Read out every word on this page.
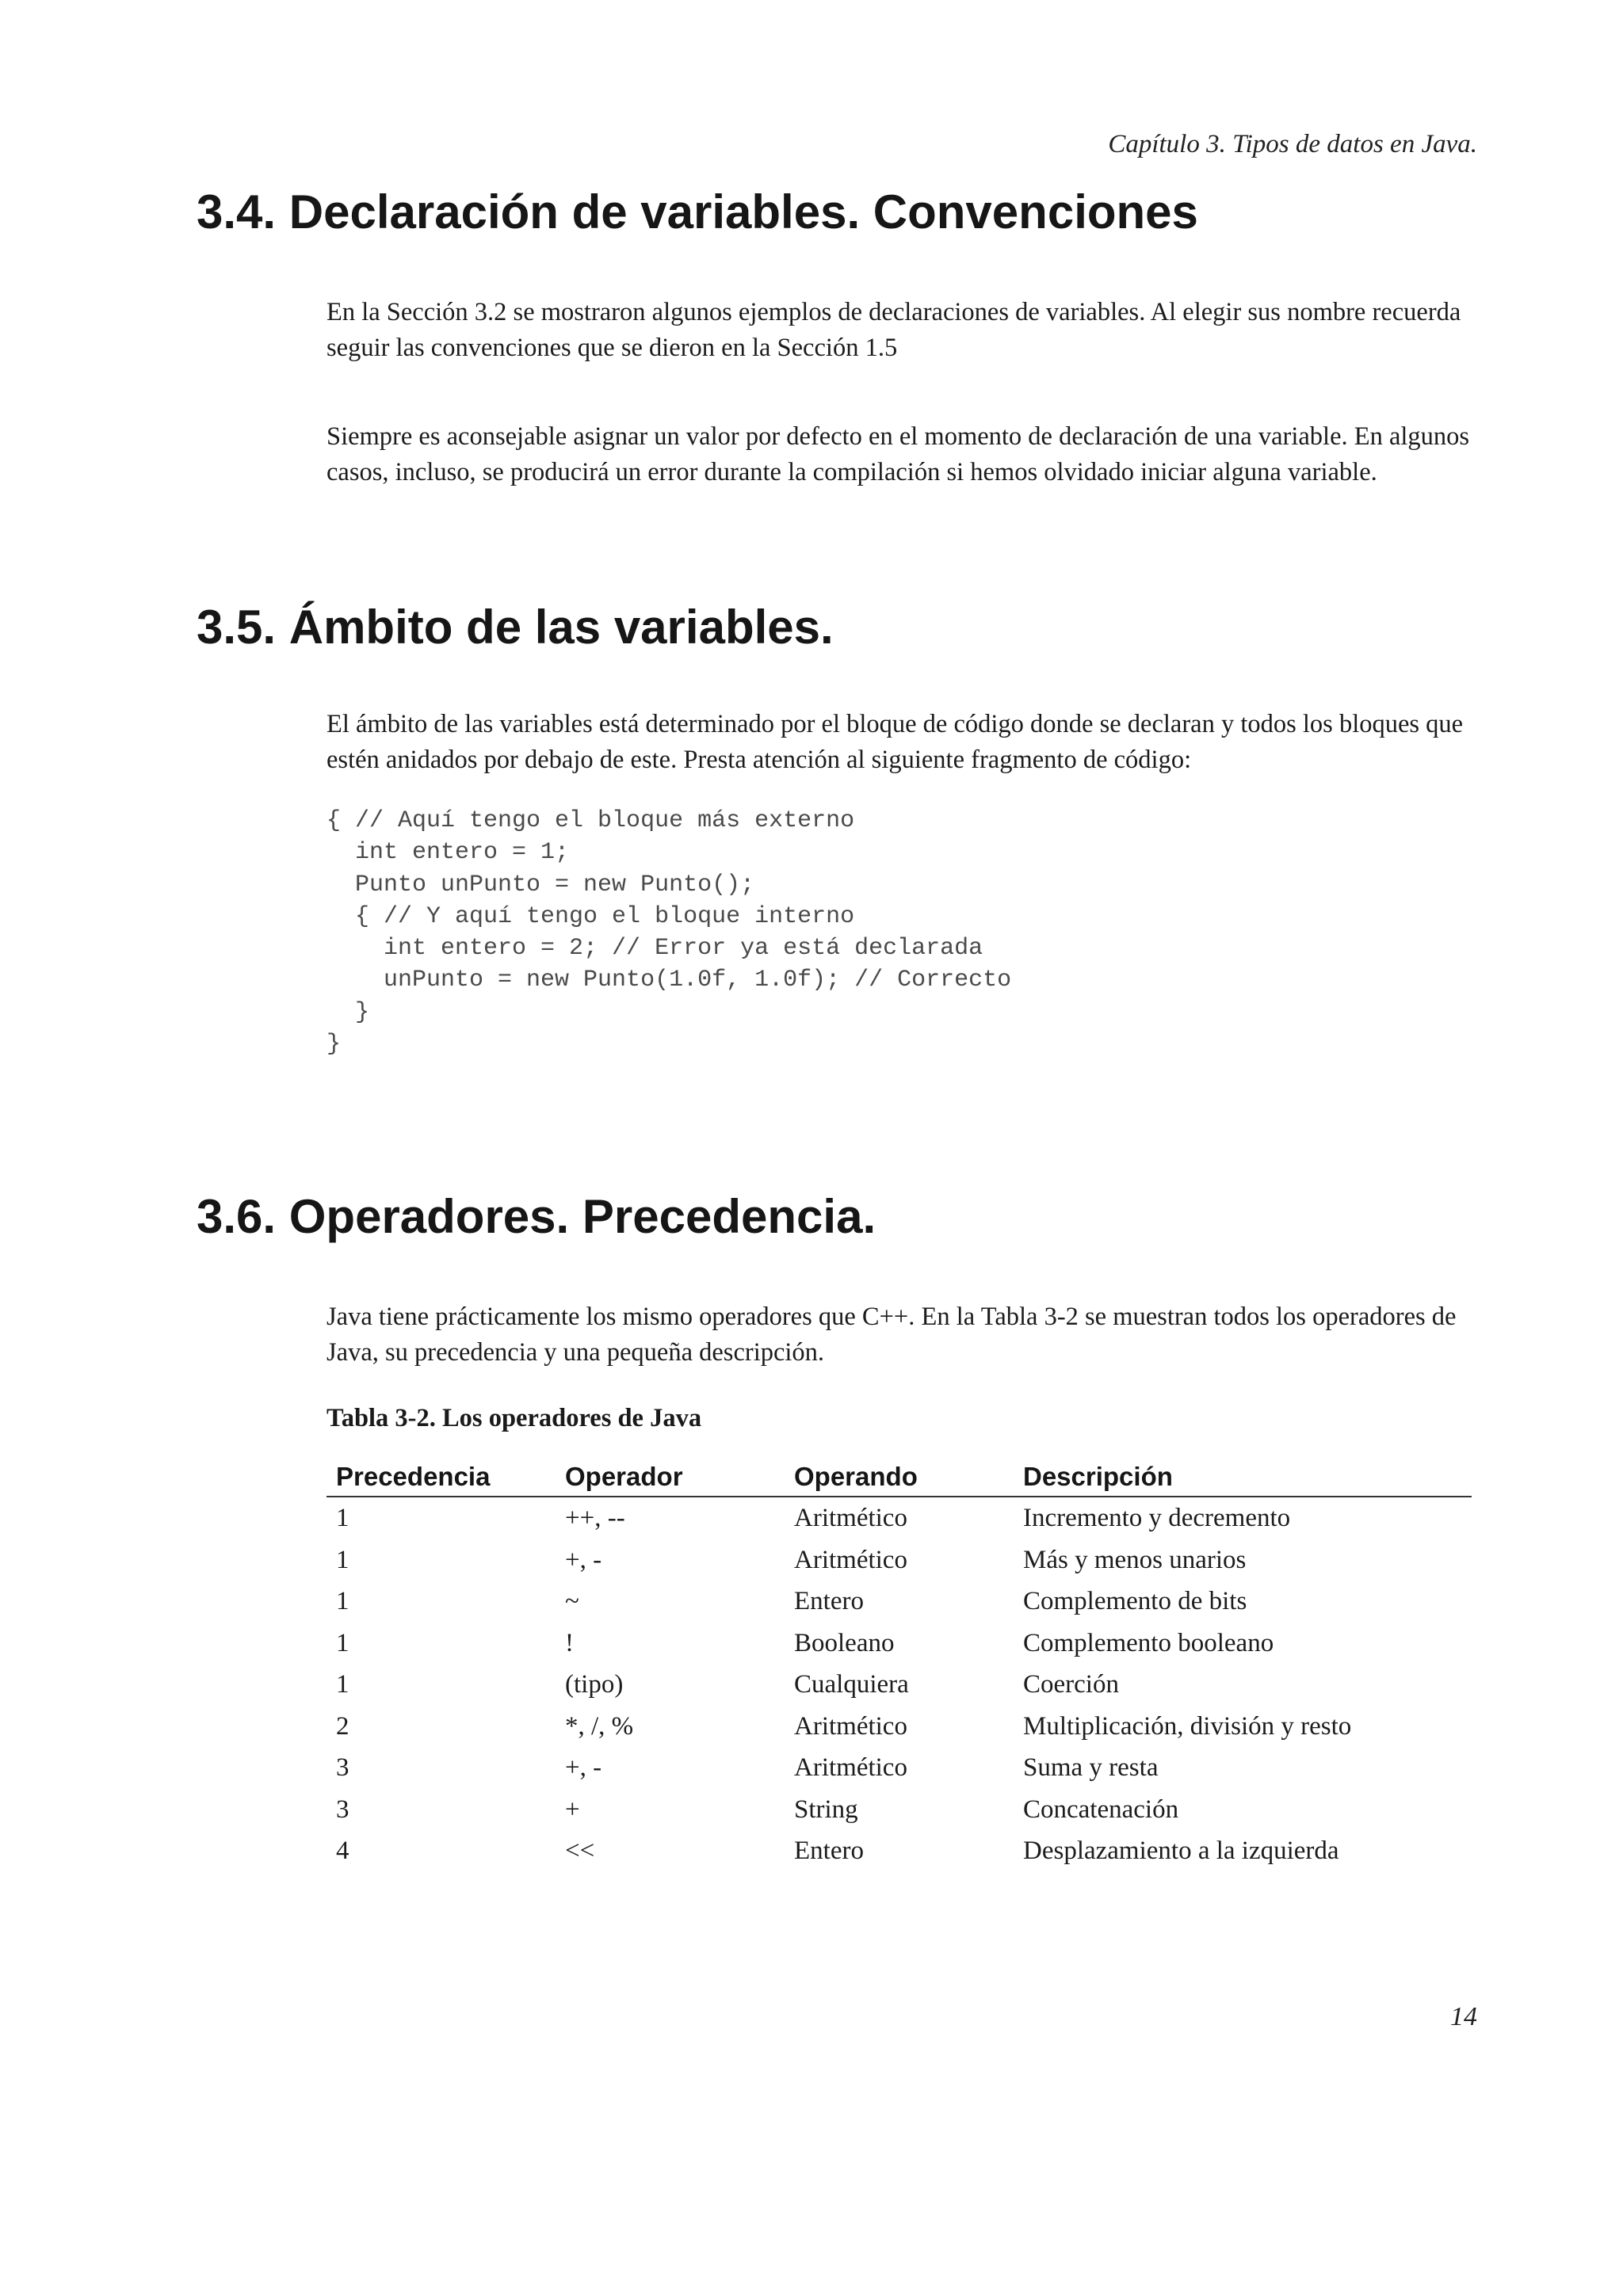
Capítulo 3. Tipos de datos en Java.
3.4. Declaración de variables. Convenciones

En la Sección 3.2 se mostraron algunos ejemplos de declaraciones de variables. Al elegir sus nombre recuerda seguir las convenciones que se dieron en la Sección 1.5

Siempre es aconsejable asignar un valor por defecto en el momento de declaración de una variable. En algunos casos, incluso, se producirá un error durante la compilación si hemos olvidado iniciar alguna variable.

3.5. Ámbito de las variables.

El ámbito de las variables está determinado por el bloque de código donde se declaran y todos los bloques que estén anidados por debajo de este. Presta atención al siguiente fragmento de código:

{ // Aquí tengo el bloque más externo
int entero = 1;
Punto unPunto = new Punto();
{ // Y aquí tengo el bloque interno
int entero = 2; // Error ya está declarada
unPunto = new Punto(1.0f, 1.0f); // Correcto
}
}
3.6. Operadores. Precedencia.

Java tiene prácticamente los mismo operadores que C++. En la Tabla 3-2 se muestran todos los operadores de Java, su precedencia y una pequeña descripción.

Tabla 3-2. Los operadores de Java

Precedencia	Operador	Operando	Descripción
1	++, --	Aritmético	Incremento y decremento
1	+, -	Aritmético	Más y menos unarios
1	~	Entero	Complemento de bits
1	!	Booleano	Complemento booleano
1	(tipo)	Cualquiera	Coerción
2	*, /, %	Aritmético	Multiplicación, división y resto
3	+, -	Aritmético	Suma y resta
3	+	String	Concatenación
4	<<	Entero	Desplazamiento a la izquierda
14
